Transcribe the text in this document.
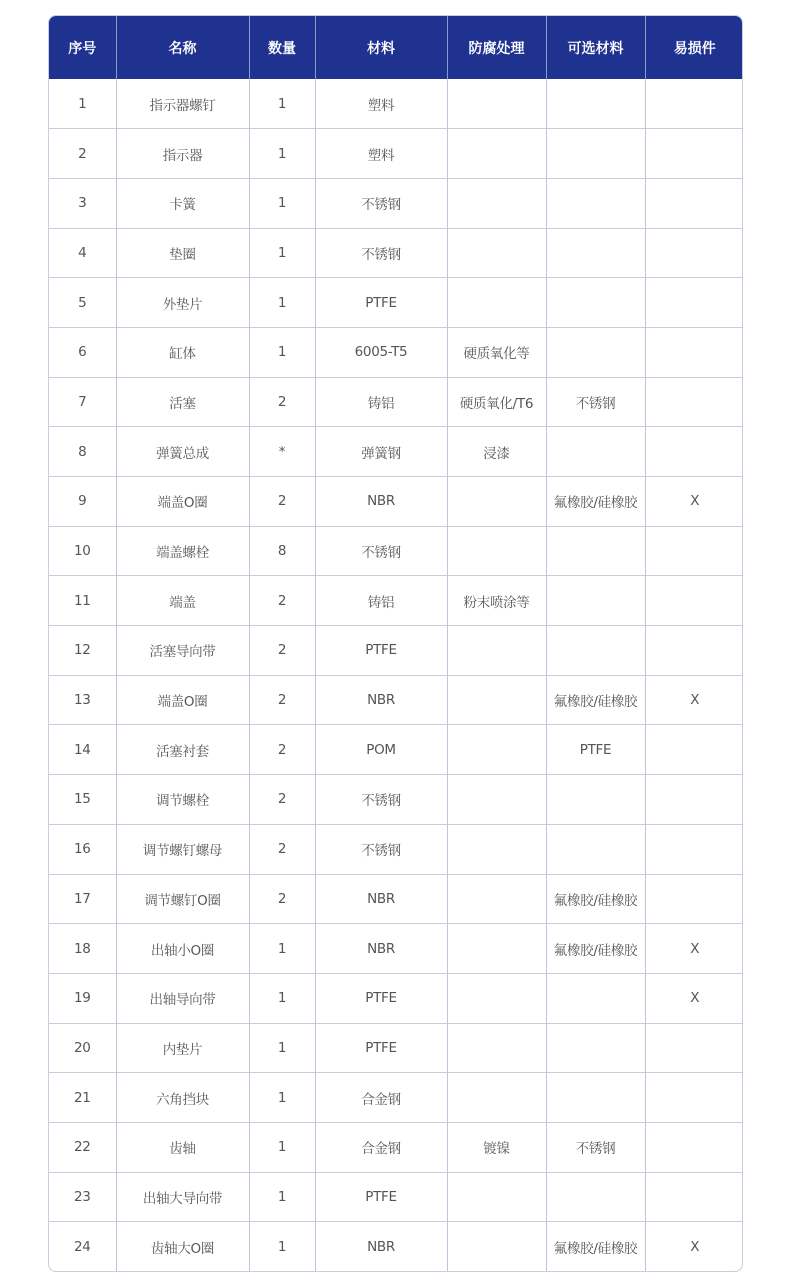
序号	名称	数量	材料	防腐处理	可选材料	易损件
1	指示器螺钉	1	塑料			
2	指示器	1	塑料			
3	卡簧	1	不锈钢			
4	垫圈	1	不锈钢			
5	外垫片	1	PTFE			
6	缸体	1	6005-T5	硬质氧化等		
7	活塞	2	铸铝	硬质氧化/T6	不锈钢	
8	弹簧总成	*	弹簧钢	浸漆		
9	端盖O圈	2	NBR		氟橡胶/硅橡胶	X
10	端盖螺栓	8	不锈钢			
11	端盖	2	铸铝	粉末喷涂等		
12	活塞导向带	2	PTFE			
13	端盖O圈	2	NBR		氟橡胶/硅橡胶	X
14	活塞衬套	2	POM		PTFE	
15	调节螺栓	2	不锈钢			
16	调节螺钉螺母	2	不锈钢			
17	调节螺钉O圈	2	NBR		氟橡胶/硅橡胶	
18	出轴小O圈	1	NBR		氟橡胶/硅橡胶	X
19	出轴导向带	1	PTFE			X
20	内垫片	1	PTFE			
21	六角挡块	1	合金钢			
22	齿轴	1	合金钢	镀镍	不锈钢	
23	出轴大导向带	1	PTFE			
24	齿轴大O圈	1	NBR		氟橡胶/硅橡胶	X
